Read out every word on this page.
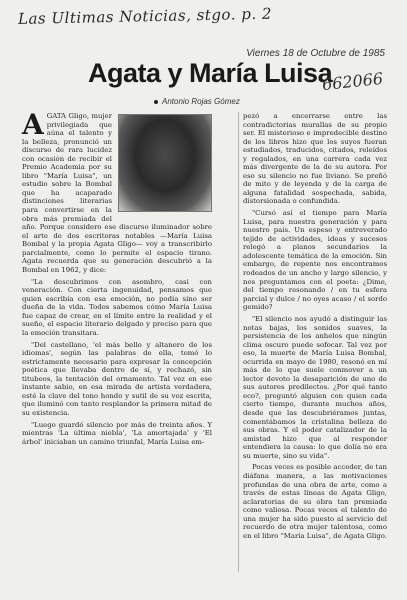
Las Ultimas Noticias, stgo. p. 2
Viernes 18 de Octubre de 1985
Agata y María Luisa
662066
Antonio Rojas Gómez

AGATA Gligo, mujer privilegiada que aúna el talento y la belleza, pronunció un discurso de rara lucidez con ocasión de recibir el Premio Academia por su libro "María Luisa", un estudio sobre la Bombal que ha acaparado distinciones literarias para convertirse en la obra más premiada del año. Porque considero ese discurso iluminador sobre el arte de dos escritoras notables —María Luisa Bombal y la propia Agata Gligo— voy a transcribirlo parcialmente, como lo permite el espacio tirano. Agata recuerda que su generación descubrió a la Bombal en 1962, y dice:

"La descubrimos con asombro, casi con veneración. Con cierta ingenuidad, pensamos que quien escribía con esa emoción, no podía sino ser dueña de la vida. Todos sabemos cómo María Luisa fue capaz de crear, en el límite entre la realidad y el sueño, el espacio literario delgado y preciso para que la emoción transitara.

"Del castellano, 'el más bello y altanero de los idiomas', según las palabras de ella, tomó lo estrictamente necesario para expresar la concepción poética que llevaba dentro de sí, y rechazó, sin titubeos, la tentación del ornamento. Tal vez en ese instante sabio, en esa mirada de artista verdadera, esté la clave del tono hondo y sutil de su voz escrita, que iluminó con tanto resplandor la primera mitad de su existencia.

"Luego guardó silencio por más de treinta años. Y mientras 'La última niebla', 'La amortajada' y 'El árbol' iniciaban un camino triunfal, María Luisa em-

pezó a encerrarse entre las contradictorias murallas de su propio ser. El misterioso e impredecible destino de los libros hizo que los suyos fueran estudiados, traducidos, citados, releídos y regalados, en una carrera cada vez más divergente de la de su autora. Por eso su silencio no fue liviano. Se preñó de mito y de leyenda y de la carga de alguna fatalidad sospechada, sabida, distorsionada o confundida.

"Cursó así el tiempo para María Luisa, para nuestra generación y para nuestro país. Un espeso y entreverado tejido de actividades, ideas y sucesos relegó a planos secundarios la adolescente temática de la emoción. Sin embargo, de repente nos encontramos rodeados de un ancho y largo silencio, y nos preguntamos con el poeta: ¿Dime, del tiempo resonando / en tu esfera parcial y dulce / no oyes acaso / el sordo gemido?

"El silencio nos ayudó a distinguir las notas bajas, los sonidos suaves, la persistencia de los anhelos que ningún clima oscuro puede sofocar. Tal vez por eso, la muerte de María Luisa Bombal, ocurrida en mayo de 1980, resonó en mí más de lo que suele conmover a un lector devoto la desaparición de uno de sus autores predilectos. ¿Por qué tanto eco?, preguntó alguien con quien cada cierto tiempo, durante muchos años, desde que las descubriéramos juntas, comentábamos la cristalina belleza de sus obras. Y el poder catalizador de la amistad hizo que al responder entendiera la causa: lo que dolía no era su muerte, sino su vida".

Pocas veces es posible acceder, de tan diáfana manera, a las motivaciones profundas de una obra de arte, como a través de estas líneas de Agata Gligo, aclaratorias de su obra tan premiada como valiosa. Pocas veces el talento de una mujer ha sido puesto al servicio del recuerdo de otra mujer talentosa, como en el libro "María Luisa", de Agata Gligo.
